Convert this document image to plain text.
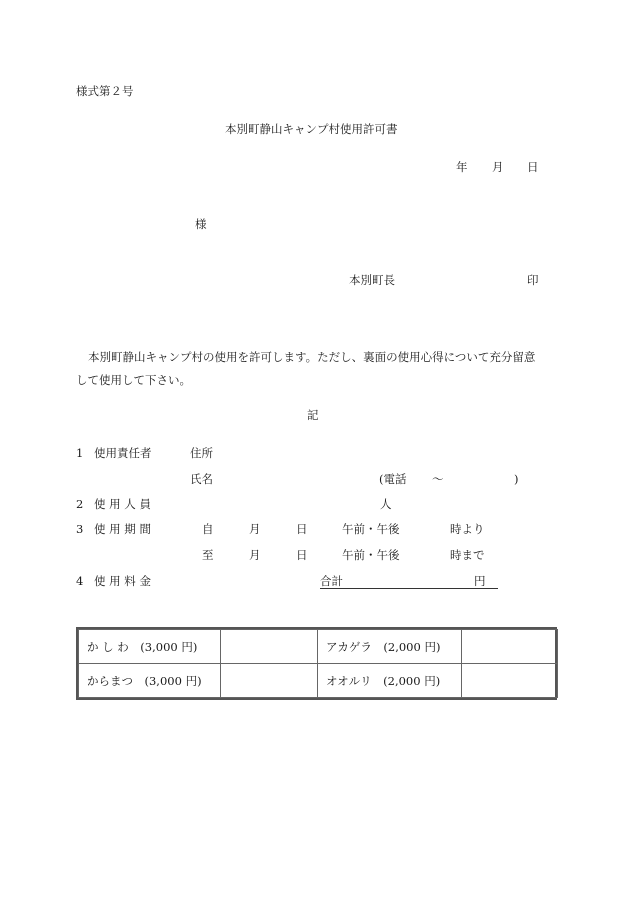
様式第２号
本別町静山キャンプ村使用許可書
年 月 日
様
本別町長	印
本別町静山キャンプ村の使用を許可します。ただし、裏面の使用心得について充分留意
して使用して下さい。
記
1 使用責任者	住所
氏名	(電話 ～	)
2 使 用 人 員	人
3 使 用 期 間	自	月	日	午前・午後	時より
至	月	日	午前・午後	時まで
4 使 用 料 金	合計	円
か し わ　(3,000 円)		アカゲラ　(2,000 円)	
からまつ　(3,000 円)		オオルリ　(2,000 円)	
